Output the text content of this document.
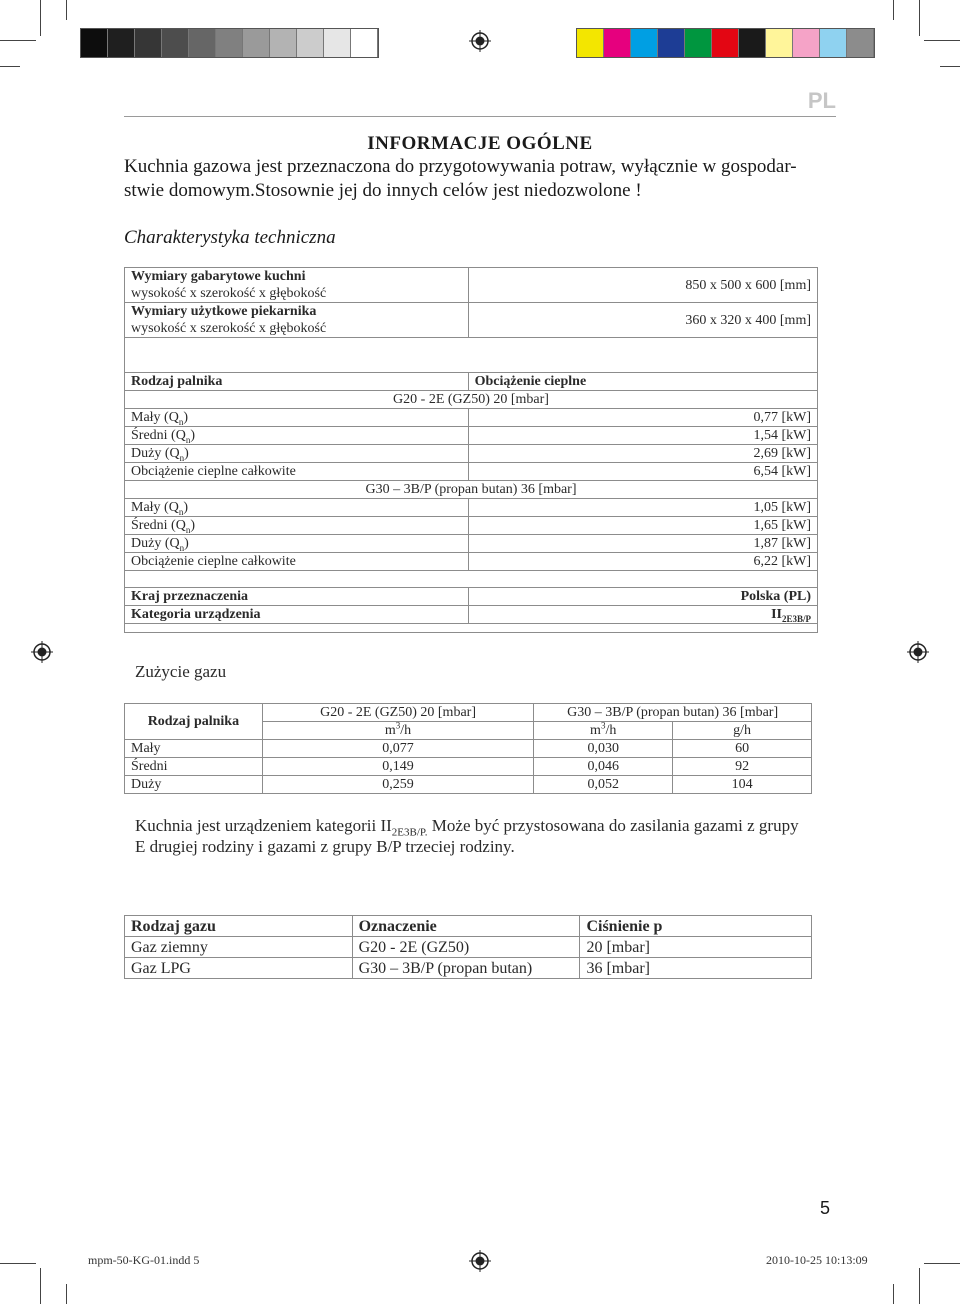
PL
INFORMACJE OGÓLNE
Kuchnia gazowa jest przeznaczona do przygotowywania potraw, wyłącznie w gospodar-
stwie domowym.Stosownie jej do innych celów jest niedozwolone !
Charakterystyka techniczna
Wymiary gabarytowe kuchni	850 x 500 x 600 [mm]
wysokość x szerokość x głębokość	
Wymiary użytkowe piekarnika	360 x 320 x 400 [mm]
wysokość x szerokość x głębokość	

Rodzaj palnika	Obciążenie cieplne
G20 - 2E (GZ50) 20 [mbar]	
Mały $(Q_n)$	0,77 [kW]
Średni $(Q_n)$	1,54 [kW]
Duży $(Q_n)$	2,69 [kW]
Obciążenie cieplne całkowite	6,54 [kW]
G30 – 3B/P (propan butan) 36 [mbar]	
Mały $(Q_n)$	1,05 [kW]
Średni $(Q_n)$	1,65 [kW]
Duży $(Q_n)$	1,87 [kW]
Obciążenie cieplne całkowite	6,22 [kW]

Kraj przeznaczenia	Polska (PL)
Kategoria urządzenia	$II_{2E3B/P}$

Zużycie gazu
Rodzaj palnika	G20 - 2E (GZ50) 20 [mbar]	G30 – 3B/P (propan butan) 36 [mbar]	
	$m^3/h$	$m^3/h$	g/h
Mały	0,077	0,030	60
Średni	0,149	0,046	92
Duży	0,259	0,052	104
Kuchnia jest urządzeniem kategorii $II_{2E3B/P.}$ Może być przystosowana do zasilania gazami z grupy
E drugiej rodziny i gazami z grupy B/P trzeciej rodziny.
Rodzaj gazu	Oznaczenie	Ciśnienie p
Gaz ziemny	G20 - 2E (GZ50)	20 [mbar]
Gaz LPG	G30 – 3B/P (propan butan)	36 [mbar]
5
mpm-50-KG-01.indd 5	2010-10-25 10:13:09
